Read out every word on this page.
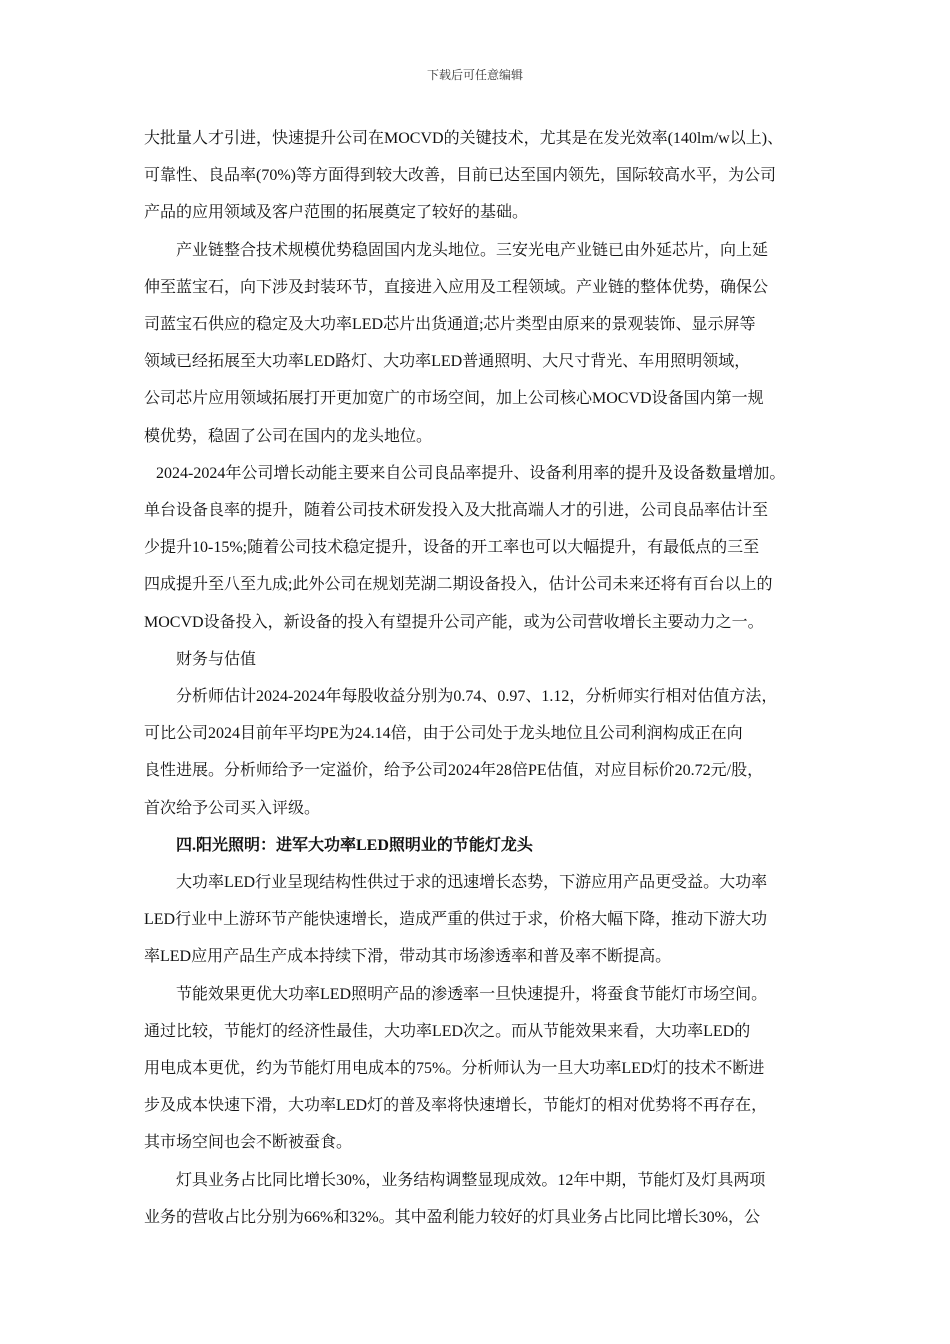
下载后可任意编辑
大批量人才引进，快速提升公司在MOCVD的关键技术，尤其是在发光效率(140lm/w以上)、
可靠性、良品率(70%)等方面得到较大改善，目前已达至国内领先，国际较高水平，为公司
产品的应用领域及客户范围的拓展奠定了较好的基础。
产业链整合技术规模优势稳固国内龙头地位。三安光电产业链已由外延芯片，向上延
伸至蓝宝石，向下涉及封装环节，直接进入应用及工程领域。产业链的整体优势，确保公
司蓝宝石供应的稳定及大功率LED芯片出货通道;芯片类型由原来的景观装饰、显示屏等
领域已经拓展至大功率LED路灯、大功率LED普通照明、大尺寸背光、车用照明领域，
公司芯片应用领域拓展打开更加宽广的市场空间，加上公司核心MOCVD设备国内第一规
模优势，稳固了公司在国内的龙头地位。
2024-2024年公司增长动能主要来自公司良品率提升、设备利用率的提升及设备数量增加。
单台设备良率的提升，随着公司技术研发投入及大批高端人才的引进，公司良品率估计至
少提升10-15%;随着公司技术稳定提升，设备的开工率也可以大幅提升，有最低点的三至
四成提升至八至九成;此外公司在规划芜湖二期设备投入，估计公司未来还将有百台以上的
MOCVD设备投入，新设备的投入有望提升公司产能，或为公司营收增长主要动力之一。
财务与估值
分析师估计2024-2024年每股收益分别为0.74、0.97、1.12，分析师实行相对估值方法，
可比公司2024目前年平均PE为24.14倍，由于公司处于龙头地位且公司利润构成正在向
良性进展。分析师给予一定溢价，给予公司2024年28倍PE估值，对应目标价20.72元/股，
首次给予公司买入评级。
四.阳光照明：进军大功率LED照明业的节能灯龙头
大功率LED行业呈现结构性供过于求的迅速增长态势，下游应用产品更受益。大功率
LED行业中上游环节产能快速增长，造成严重的供过于求，价格大幅下降，推动下游大功
率LED应用产品生产成本持续下滑，带动其市场渗透率和普及率不断提高。
节能效果更优大功率LED照明产品的渗透率一旦快速提升，将蚕食节能灯市场空间。
通过比较，节能灯的经济性最佳，大功率LED次之。而从节能效果来看，大功率LED的
用电成本更优，约为节能灯用电成本的75%。分析师认为一旦大功率LED灯的技术不断进
步及成本快速下滑，大功率LED灯的普及率将快速增长，节能灯的相对优势将不再存在，
其市场空间也会不断被蚕食。
灯具业务占比同比增长30%，业务结构调整显现成效。12年中期，节能灯及灯具两项
业务的营收占比分别为66%和32%。其中盈利能力较好的灯具业务占比同比增长30%，公
